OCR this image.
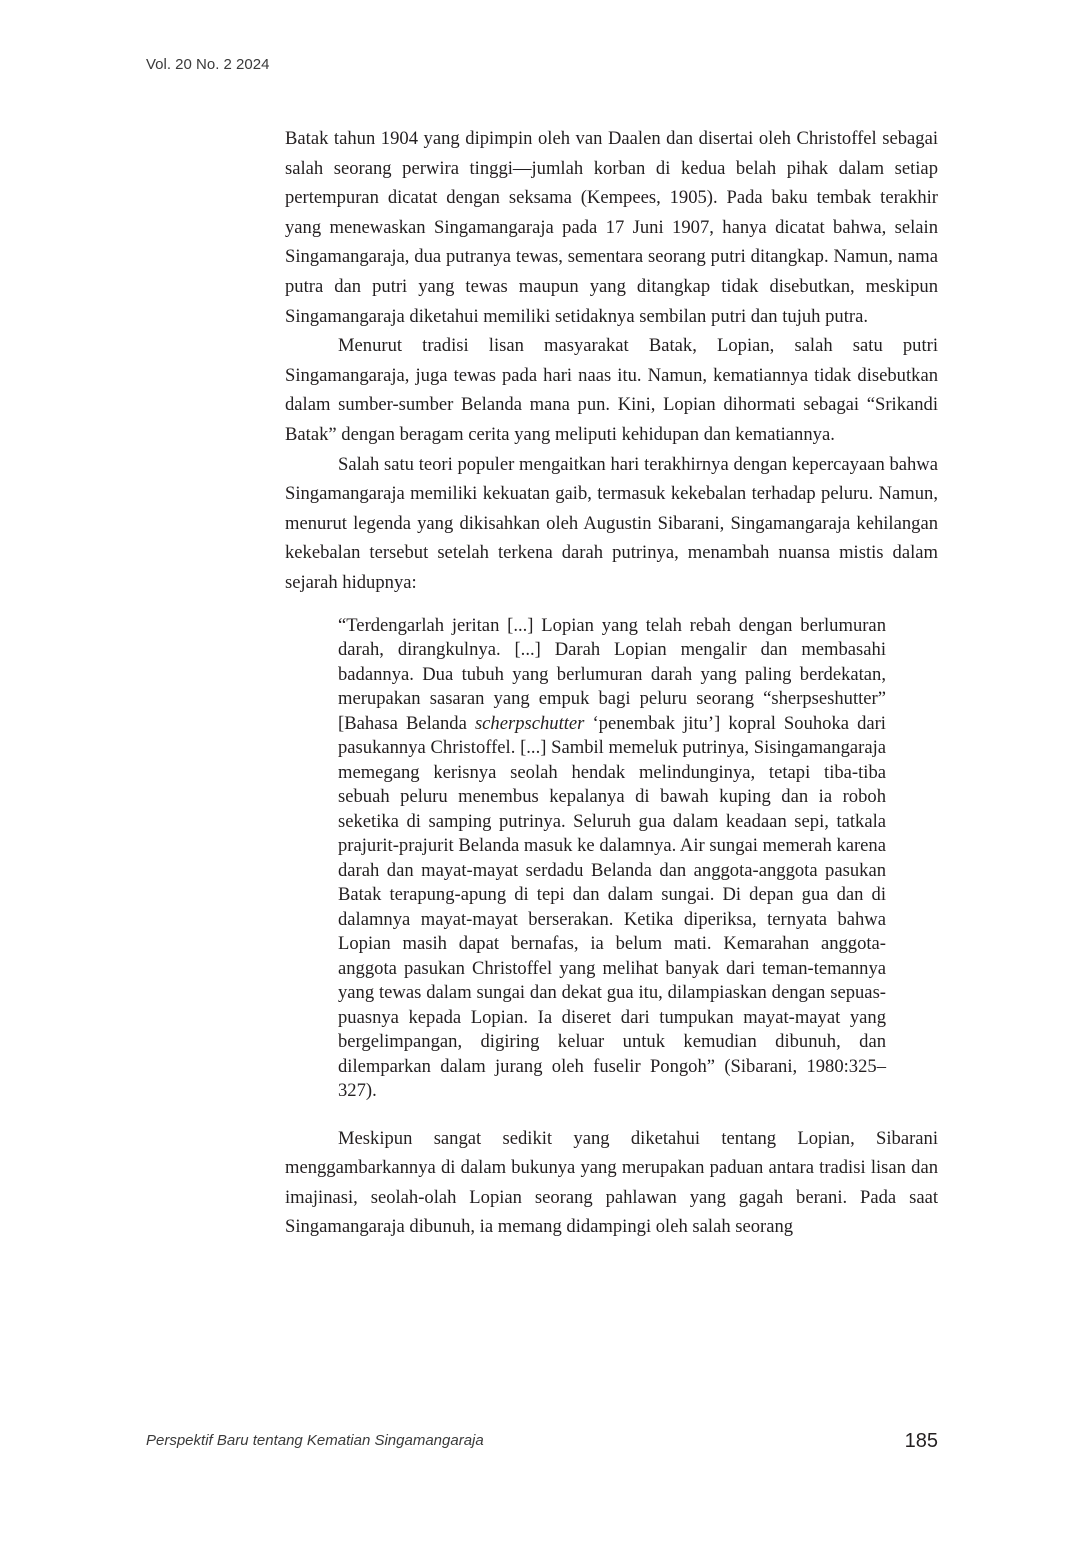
Vol. 20 No. 2 2024

Batak tahun 1904 yang dipimpin oleh van Daalen dan disertai oleh Christoffel sebagai salah seorang perwira tinggi—jumlah korban di kedua belah pihak dalam setiap pertempuran dicatat dengan seksama (Kempees, 1905). Pada baku tembak terakhir yang menewaskan Singamangaraja pada 17 Juni 1907, hanya dicatat bahwa, selain Singamangaraja, dua putranya tewas, sementara seorang putri ditangkap. Namun, nama putra dan putri yang tewas maupun yang ditangkap tidak disebutkan, meskipun Singamangaraja diketahui memiliki setidaknya sembilan putri dan tujuh putra.

Menurut tradisi lisan masyarakat Batak, Lopian, salah satu putri Singamangaraja, juga tewas pada hari naas itu. Namun, kematiannya tidak disebutkan dalam sumber-sumber Belanda mana pun. Kini, Lopian dihormati sebagai “Srikandi Batak” dengan beragam cerita yang meliputi kehidupan dan kematiannya.

Salah satu teori populer mengaitkan hari terakhirnya dengan kepercayaan bahwa Singamangaraja memiliki kekuatan gaib, termasuk kekebalan terhadap peluru. Namun, menurut legenda yang dikisahkan oleh Augustin Sibarani, Singamangaraja kehilangan kekebalan tersebut setelah terkena darah putrinya, menambah nuansa mistis dalam sejarah hidupnya:

“Terdengarlah jeritan [...] Lopian yang telah rebah dengan berlumuran darah, dirangkulnya. [...] Darah Lopian mengalir dan membasahi badannya. Dua tubuh yang berlumuran darah yang paling berdekatan, merupakan sasaran yang empuk bagi peluru seorang “sherpseshutter” [Bahasa Belanda scherpschutter ‘penembak jitu’] kopral Souhoka dari pasukannya Christoffel. [...] Sambil memeluk putrinya, Sisingamangaraja memegang kerisnya seolah hendak melindunginya, tetapi tiba-tiba sebuah peluru menembus kepalanya di bawah kuping dan ia roboh seketika di samping putrinya. Seluruh gua dalam keadaan sepi, tatkala prajurit-prajurit Belanda masuk ke dalamnya. Air sungai memerah karena darah dan mayat-mayat serdadu Belanda dan anggota-anggota pasukan Batak terapung-apung di tepi dan dalam sungai. Di depan gua dan di dalamnya mayat-mayat berserakan. Ketika diperiksa, ternyata bahwa Lopian masih dapat bernafas, ia belum mati. Kemarahan anggota-anggota pasukan Christoffel yang melihat banyak dari teman-temannya yang tewas dalam sungai dan dekat gua itu, dilampiaskan dengan sepuas-puasnya kepada Lopian. Ia diseret dari tumpukan mayat-mayat yang bergelimpangan, digiring keluar untuk kemudian dibunuh, dan dilemparkan dalam jurang oleh fuselir Pongoh” (Sibarani, 1980:325–327).

Meskipun sangat sedikit yang diketahui tentang Lopian, Sibarani menggambarkannya di dalam bukunya yang merupakan paduan antara tradisi lisan dan imajinasi, seolah-olah Lopian seorang pahlawan yang gagah berani. Pada saat Singamangaraja dibunuh, ia memang didampingi oleh salah seorang

Perspektif Baru tentang Kematian Singamangaraja	185
